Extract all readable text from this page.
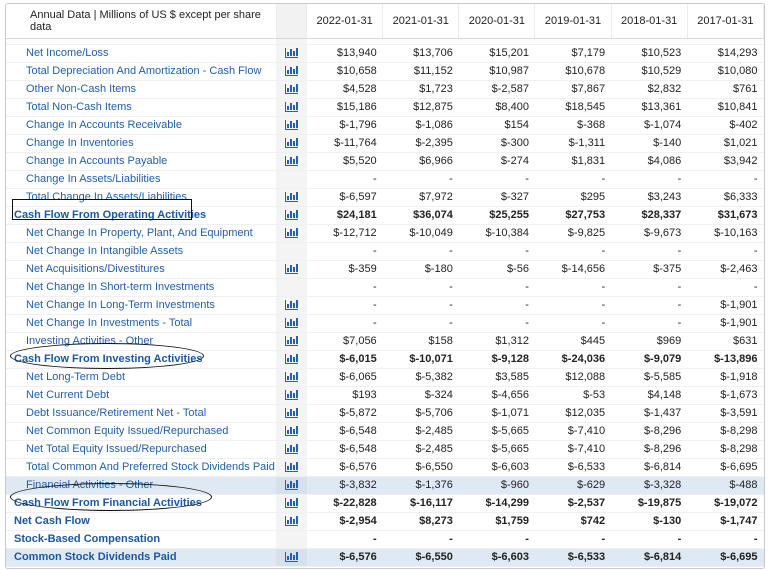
Annual Data | Millions of US $ except per share data		2022-01-31	2021-01-31	2020-01-31	2019-01-31	2018-01-31	2017-01-31

Net Income/Loss		$13,940	$13,706	$15,201	$7,179	$10,523	$14,293
Total Depreciation And Amortization - Cash Flow		$10,658	$11,152	$10,987	$10,678	$10,529	$10,080
Other Non-Cash Items		$4,528	$1,723	$-2,587	$7,867	$2,832	$761
Total Non-Cash Items		$15,186	$12,875	$8,400	$18,545	$13,361	$10,841
Change In Accounts Receivable		$-1,796	$-1,086	$154	$-368	$-1,074	$-402
Change In Inventories		$-11,764	$-2,395	$-300	$-1,311	$-140	$1,021
Change In Accounts Payable		$5,520	$6,966	$-274	$1,831	$4,086	$3,942
Change In Assets/Liabilities		-	-	-	-	-	-
Total Change In Assets/Liabilities		$-6,597	$7,972	$-327	$295	$3,243	$6,333
Cash Flow From Operating Activities		$24,181	$36,074	$25,255	$27,753	$28,337	$31,673
Net Change In Property, Plant, And Equipment		$-12,712	$-10,049	$-10,384	$-9,825	$-9,673	$-10,163
Net Change In Intangible Assets		-	-	-	-	-	-
Net Acquisitions/Divestitures		$-359	$-180	$-56	$-14,656	$-375	$-2,463
Net Change In Short-term Investments		-	-	-	-	-	-
Net Change In Long-Term Investments		-	-	-	-	-	$-1,901
Net Change In Investments - Total		-	-	-	-	-	$-1,901
Investing Activities - Other		$7,056	$158	$1,312	$445	$969	$631
Cash Flow From Investing Activities		$-6,015	$-10,071	$-9,128	$-24,036	$-9,079	$-13,896
Net Long-Term Debt		$-6,065	$-5,382	$3,585	$12,088	$-5,585	$-1,918
Net Current Debt		$193	$-324	$-4,656	$-53	$4,148	$-1,673
Debt Issuance/Retirement Net - Total		$-5,872	$-5,706	$-1,071	$12,035	$-1,437	$-3,591
Net Common Equity Issued/Repurchased		$-6,548	$-2,485	$-5,665	$-7,410	$-8,296	$-8,298
Net Total Equity Issued/Repurchased		$-6,548	$-2,485	$-5,665	$-7,410	$-8,296	$-8,298
Total Common And Preferred Stock Dividends Paid		$-6,576	$-6,550	$-6,603	$-6,533	$-6,814	$-6,695
Financial Activities - Other		$-3,832	$-1,376	$-960	$-629	$-3,328	$-488
Cash Flow From Financial Activities		$-22,828	$-16,117	$-14,299	$-2,537	$-19,875	$-19,072
Net Cash Flow		$-2,954	$8,273	$1,759	$742	$-130	$-1,747
Stock-Based Compensation		-	-	-	-	-	-
Common Stock Dividends Paid		$-6,576	$-6,550	$-6,603	$-6,533	$-6,814	$-6,695
